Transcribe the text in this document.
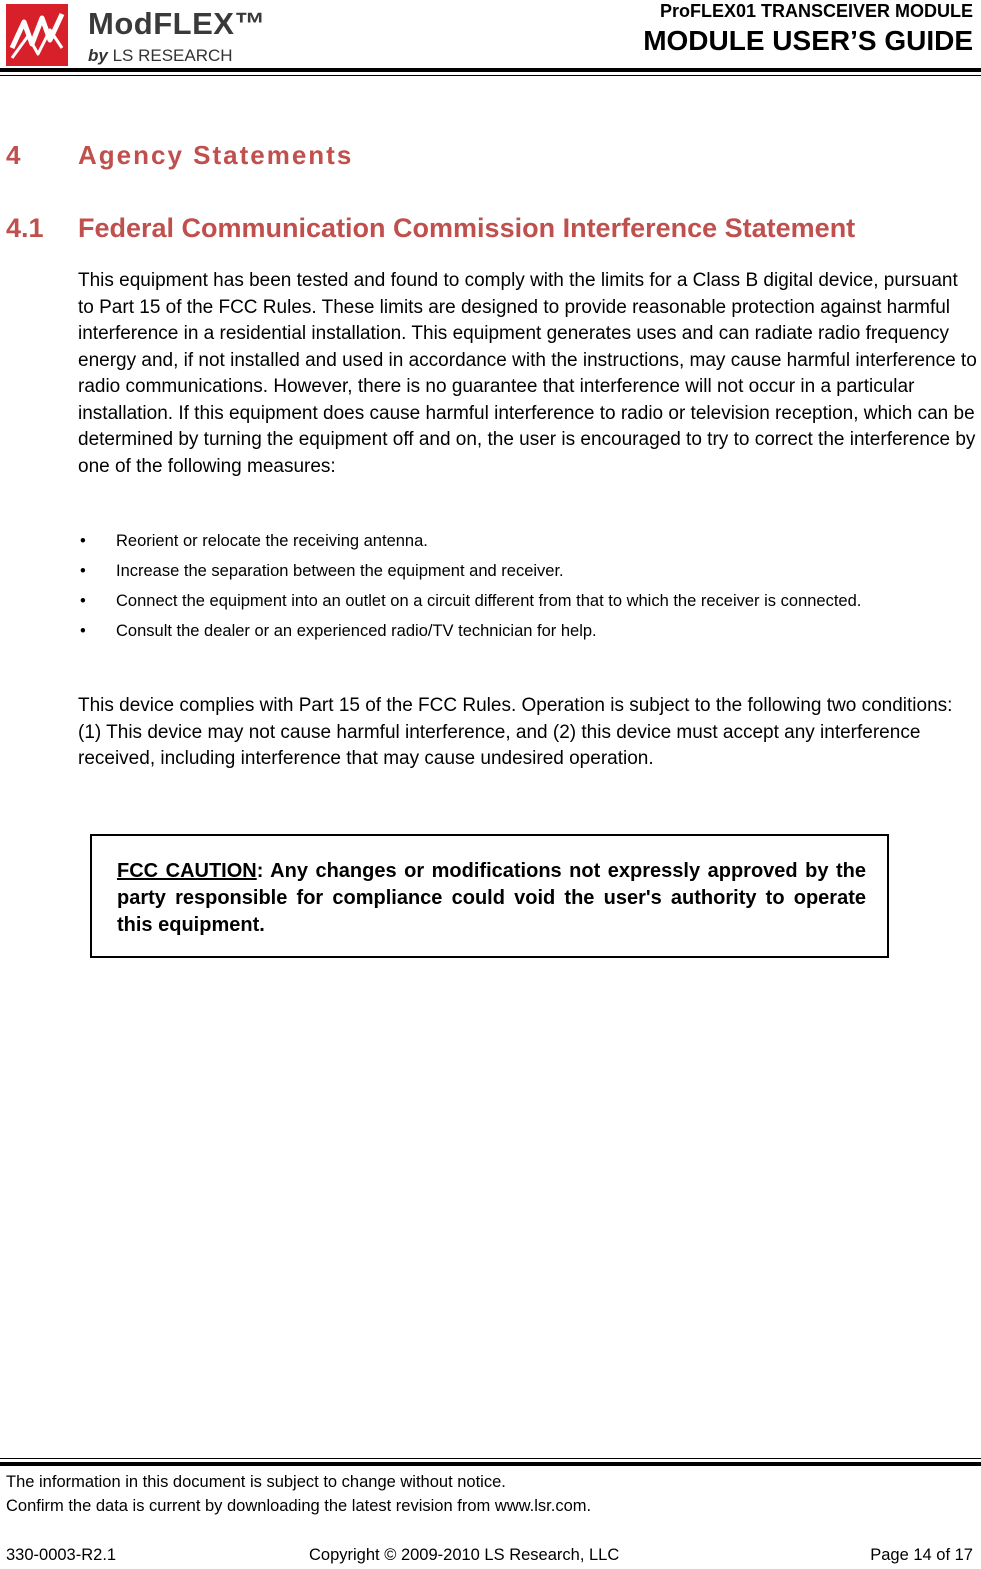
ModFLEX™
by LS RESEARCH
ProFLEX01 TRANSCEIVER MODULE
MODULE USER’S GUIDE
4 Agency Statements
4.1 Federal Communication Commission Interference Statement
This equipment has been tested and found to comply with the limits for a Class B digital device, pursuant to Part 15 of the FCC Rules. These limits are designed to provide reasonable protection against harmful interference in a residential installation. This equipment generates uses and can radiate radio frequency energy and, if not installed and used in accordance with the instructions, may cause harmful interference to radio communications. However, there is no guarantee that interference will not occur in a particular installation. If this equipment does cause harmful interference to radio or television reception, which can be determined by turning the equipment off and on, the user is encouraged to try to correct the interference by one of the following measures:
• Reorient or relocate the receiving antenna.
• Increase the separation between the equipment and receiver.
• Connect the equipment into an outlet on a circuit different from that to which the receiver is connected.
• Consult the dealer or an experienced radio/TV technician for help.
This device complies with Part 15 of the FCC Rules. Operation is subject to the following two conditions: (1) This device may not cause harmful interference, and (2) this device must accept any interference received, including interference that may cause undesired operation.
FCC CAUTION: Any changes or modifications not expressly approved by the party responsible for compliance could void the user's authority to operate this equipment.
The information in this document is subject to change without notice.
Confirm the data is current by downloading the latest revision from www.lsr.com.
330-0003-R2.1	Copyright © 2009-2010 LS Research, LLC	Page 14 of 17
